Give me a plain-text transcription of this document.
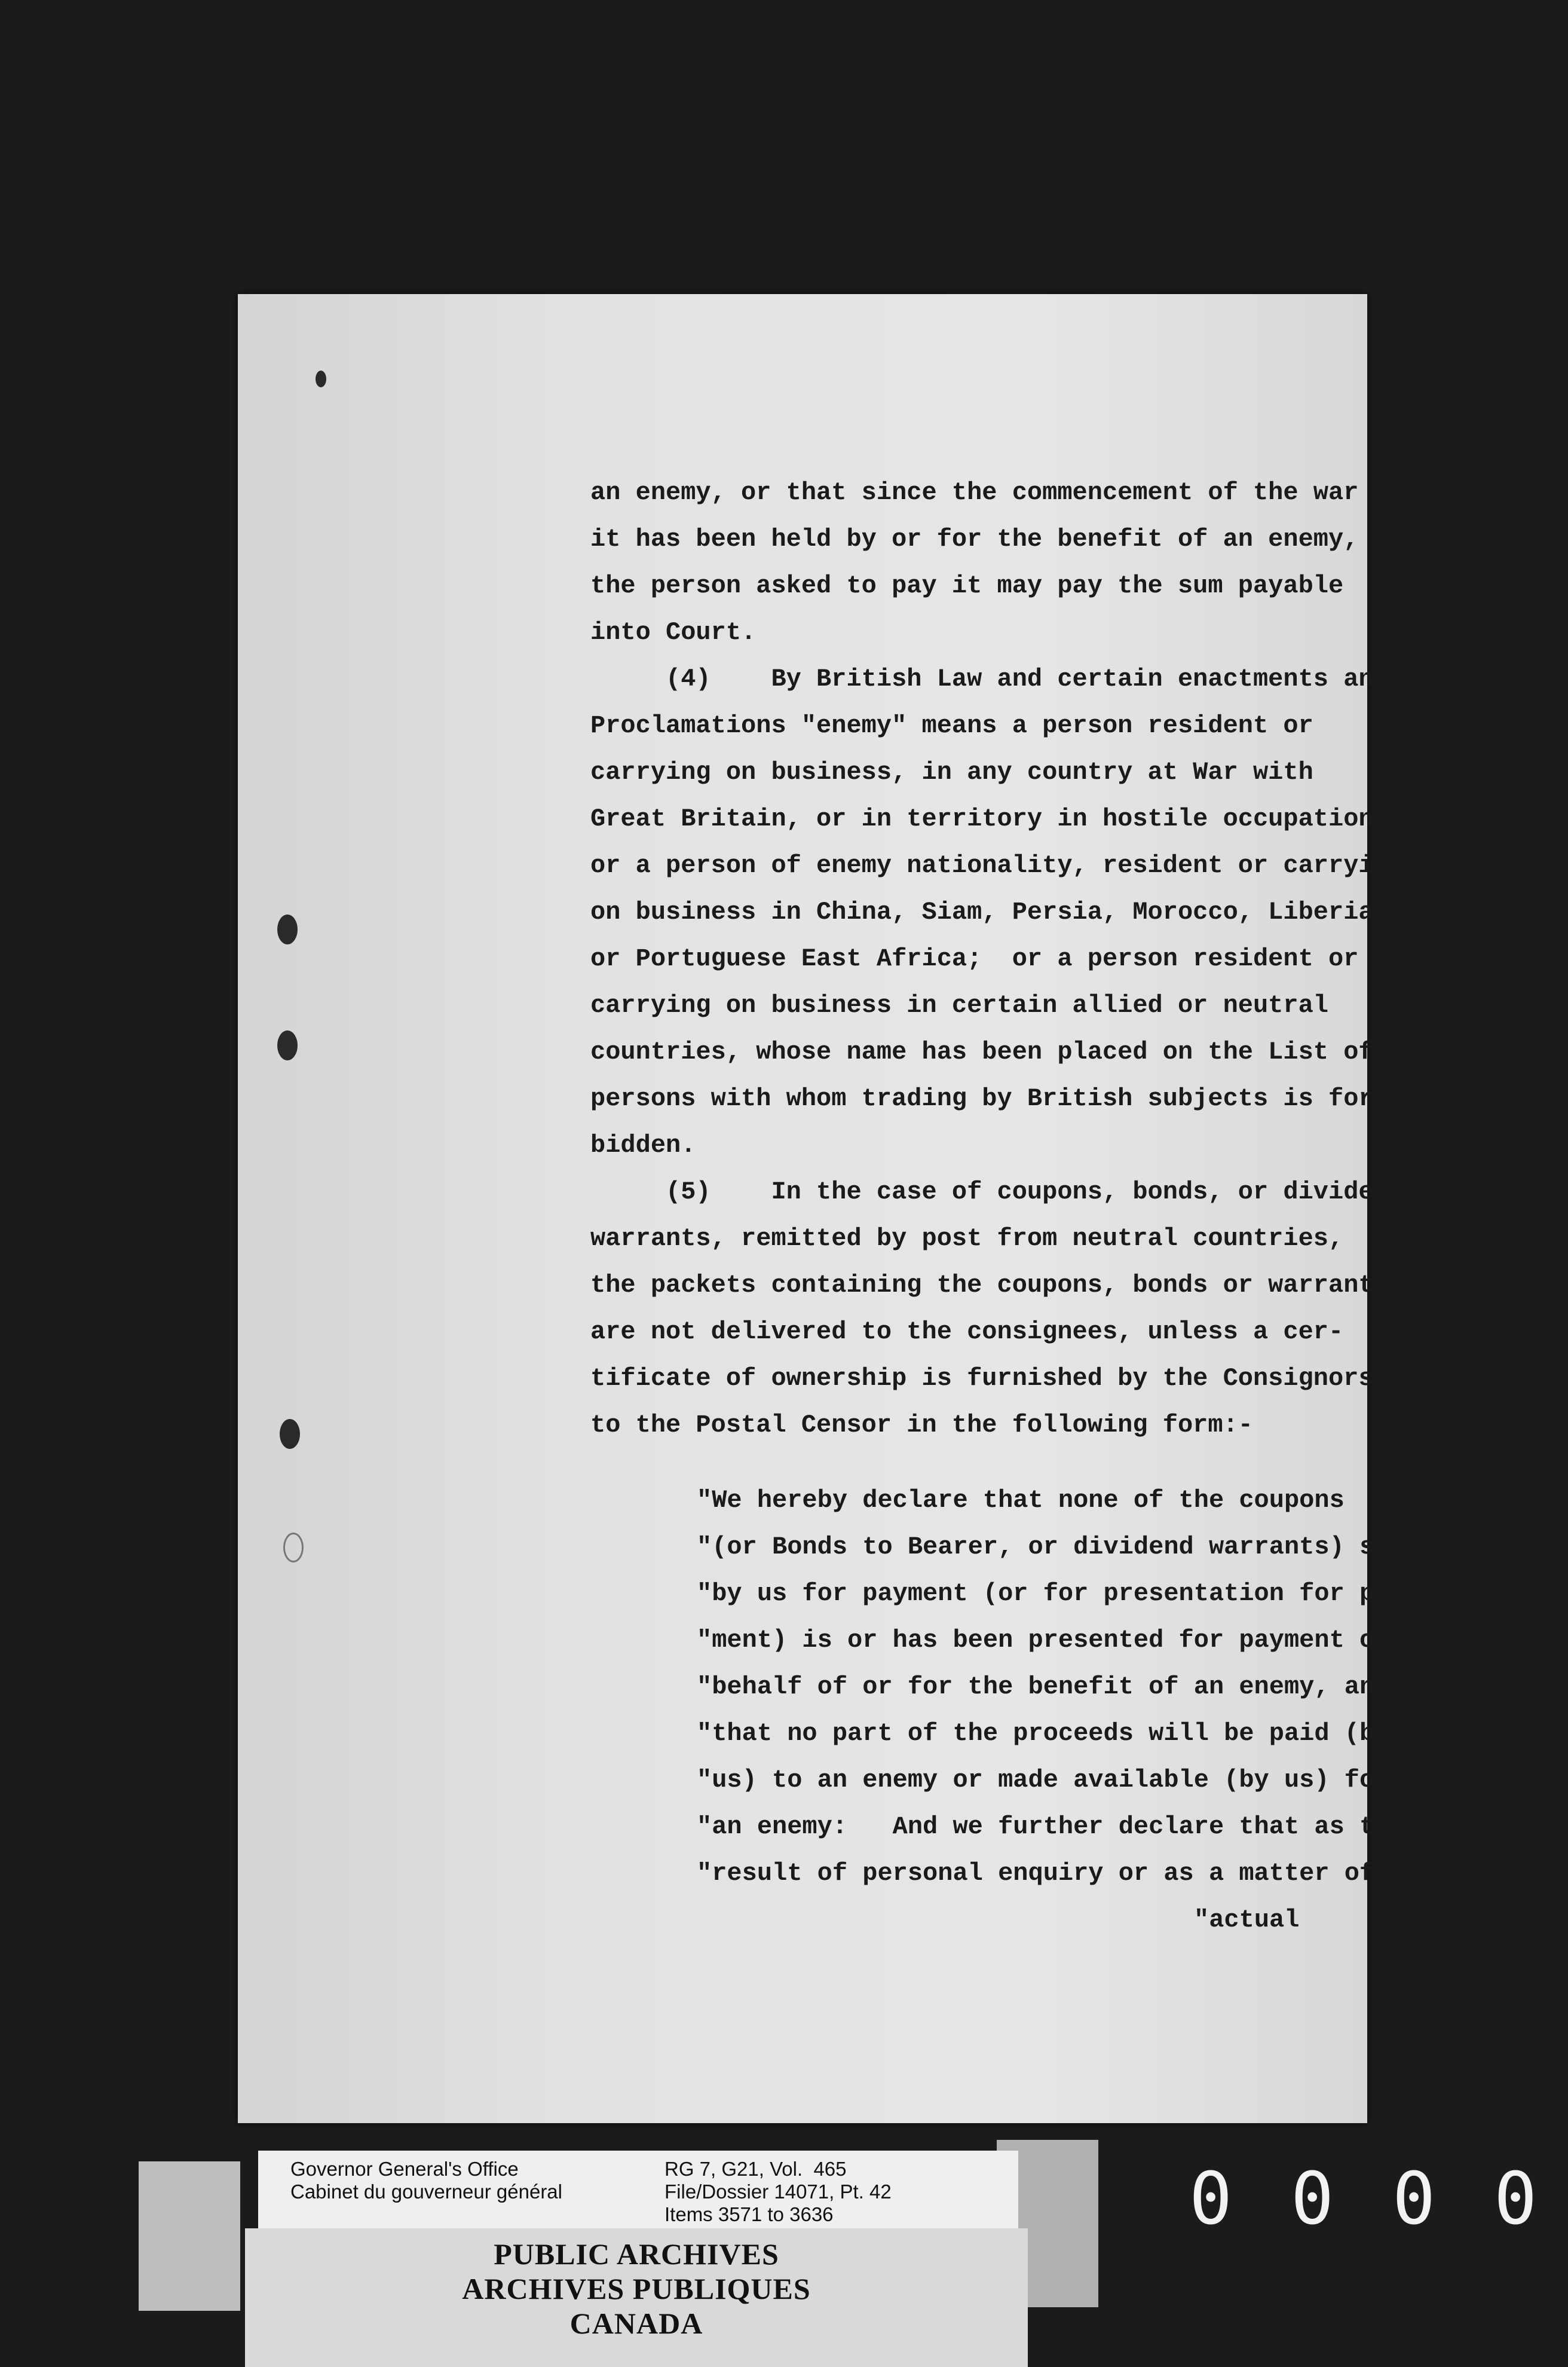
an enemy, or that since the commencement of the war
it has been held by or for the benefit of an enemy,
the person asked to pay it may pay the sum payable
into Court.
(4)    By British Law and certain enactments and
Proclamations "enemy" means a person resident or
carrying on business, in any country at War with
Great Britain, or in territory in hostile occupation;
or a person of enemy nationality, resident or carrying
on business in China, Siam, Persia, Morocco, Liberia
or Portuguese East Africa;  or a person resident or
carrying on business in certain allied or neutral
countries, whose name has been placed on the List of
persons with whom trading by British subjects is for-
bidden.
(5)    In the case of coupons, bonds, or dividend
warrants, remitted by post from neutral countries,
the packets containing the coupons, bonds or warrants
are not delivered to the consignees, unless a cer-
tificate of ownership is furnished by the Consignors
to the Postal Censor in the following form:-
"We hereby declare that none of the coupons
"(or Bonds to Bearer, or dividend warrants) sent
"by us for payment (or for presentation for pay-
"ment) is or has been presented for payment on
"behalf of or for the benefit of an enemy, and
"that no part of the proceeds will be paid (by
"us) to an enemy or made available (by us) for
"an enemy:   And we further declare that as the
"result of personal enquiry or as a matter of
"actual
Governor General's Office
Cabinet du gouverneur général
RG 7, G21, Vol.  465
File/Dossier 14071, Pt. 42
Items 3571 to 3636
PUBLIC ARCHIVES
ARCHIVES PUBLIQUES
CANADA
0 0 0 0
